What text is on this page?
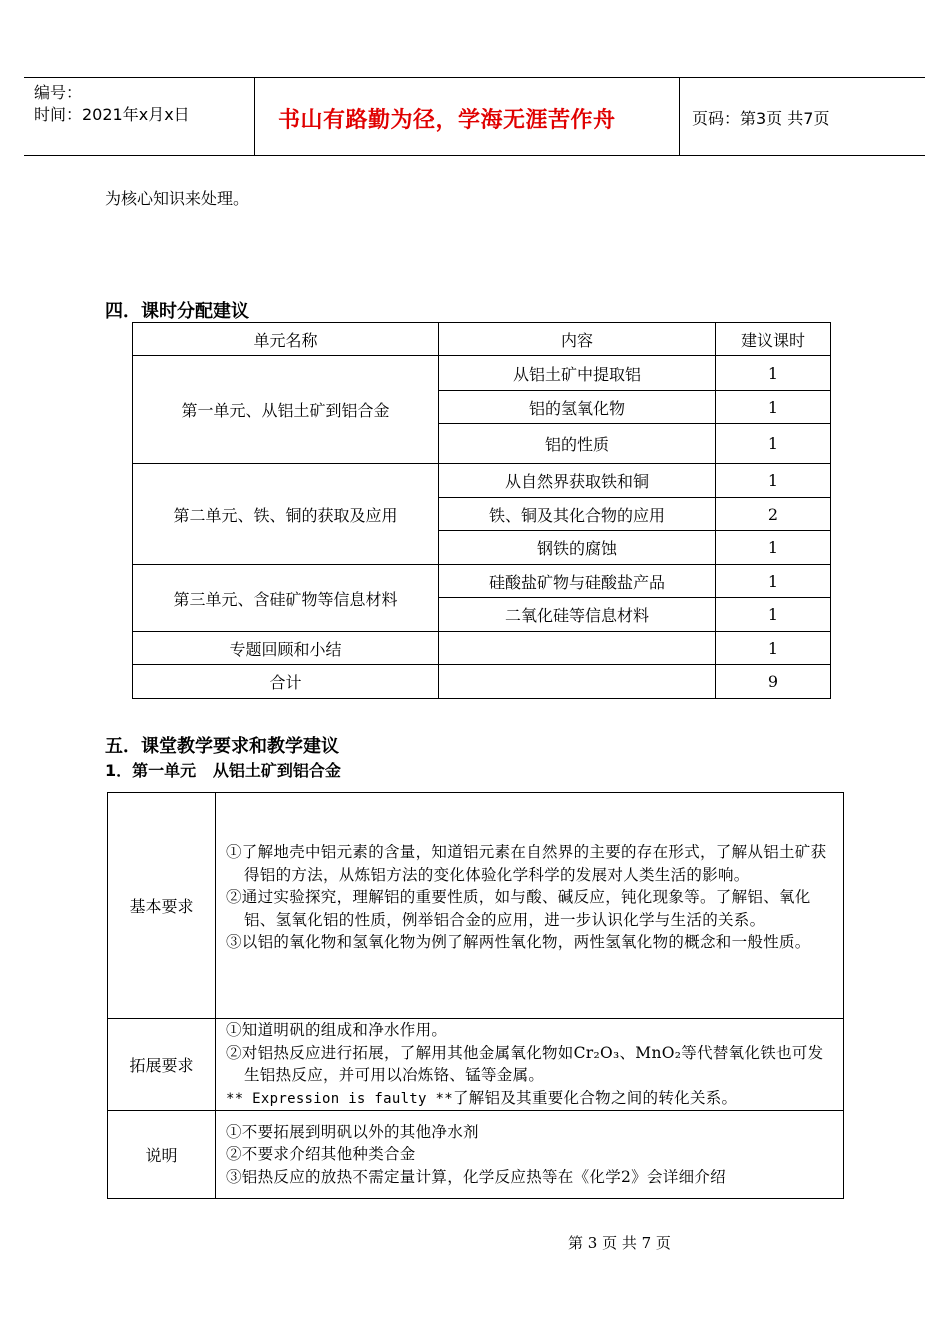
编号：
时间：2021年x月x日	书山有路勤为径，学海无涯苦作舟	页码：第3页 共7页
为核心知识来处理。
四．课时分配建议
单元名称	内容	建议课时
第一单元、从铝土矿到铝合金	从铝土矿中提取铝	1
	铝的氢氧化物	1
	铝的性质	1
第二单元、铁、铜的获取及应用	从自然界获取铁和铜	1
	铁、铜及其化合物的应用	2
	钢铁的腐蚀	1
第三单元、含硅矿物等信息材料	硅酸盐矿物与硅酸盐产品	1
	二氧化硅等信息材料	1
专题回顾和小结		1
合计		9
五．课堂教学要求和教学建议
1．第一单元   从铝土矿到铝合金
基本要求	①了解地壳中铝元素的含量，知道铝元素在自然界的主要的存在形式，了解从铝土矿获得铝的方法，从炼铝方法的变化体验化学科学的发展对人类生活的影响。
②通过实验探究，理解铝的重要性质，如与酸、碱反应，钝化现象等。了解铝、氧化铝、氢氧化铝的性质，例举铝合金的应用，进一步认识化学与生活的关系。
③以铝的氧化物和氢氧化物为例了解两性氧化物，两性氢氧化物的概念和一般性质。

拓展要求	①知道明矾的组成和净水作用。
②对铝热反应进行拓展，了解用其他金属氧化物如Cr₂O₃、MnO₂等代替氧化铁也可发生铝热反应，并可用以冶炼铬、锰等金属。
** Expression is faulty **了解铝及其重要化合物之间的转化关系。

说明	①不要拓展到明矾以外的其他净水剂
②不要求介绍其他种类合金
③铝热反应的放热不需定量计算，化学反应热等在《化学2》会详细介绍
第 3 页 共 7 页
